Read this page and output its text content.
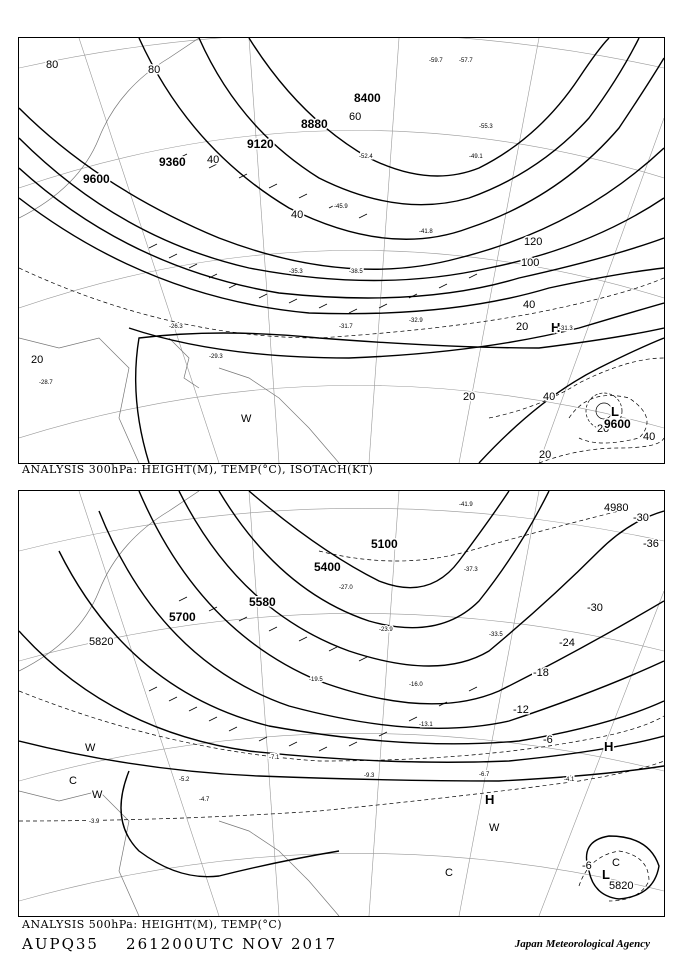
80	80
60
40
40
20
20
20
20
20
40
40
120
100
40
8400
8880
9120
9360
9600
9600
H
L
W
-59.7	-57.7
-55.3
-52.4	-49.1
-45.9
-41.8
-38.5
-35.3
-32.9
-31.7
-29.3
-28.7
-31.3
-26.3
ANALYSIS 300hPa: HEIGHT(M), TEMP(°C), ISOTACH(KT)
5100
5400
5580
5700
5820
4980
5820
-30
-24
-18
-12
-6
-36
-30
-6 C
H
H
L
W
W
W
C
C
-41.9
-37.3
-33.5
-27.0
-23.9
-19.5
-16.0
-13.1
-9.3
-7.1
-4.7
-4.1
-3.9
-6.7
-5.2
ANALYSIS 500hPa: HEIGHT(M), TEMP(°C)
AUPQ35 261200UTC NOV 2017	Japan Meteorological Agency
